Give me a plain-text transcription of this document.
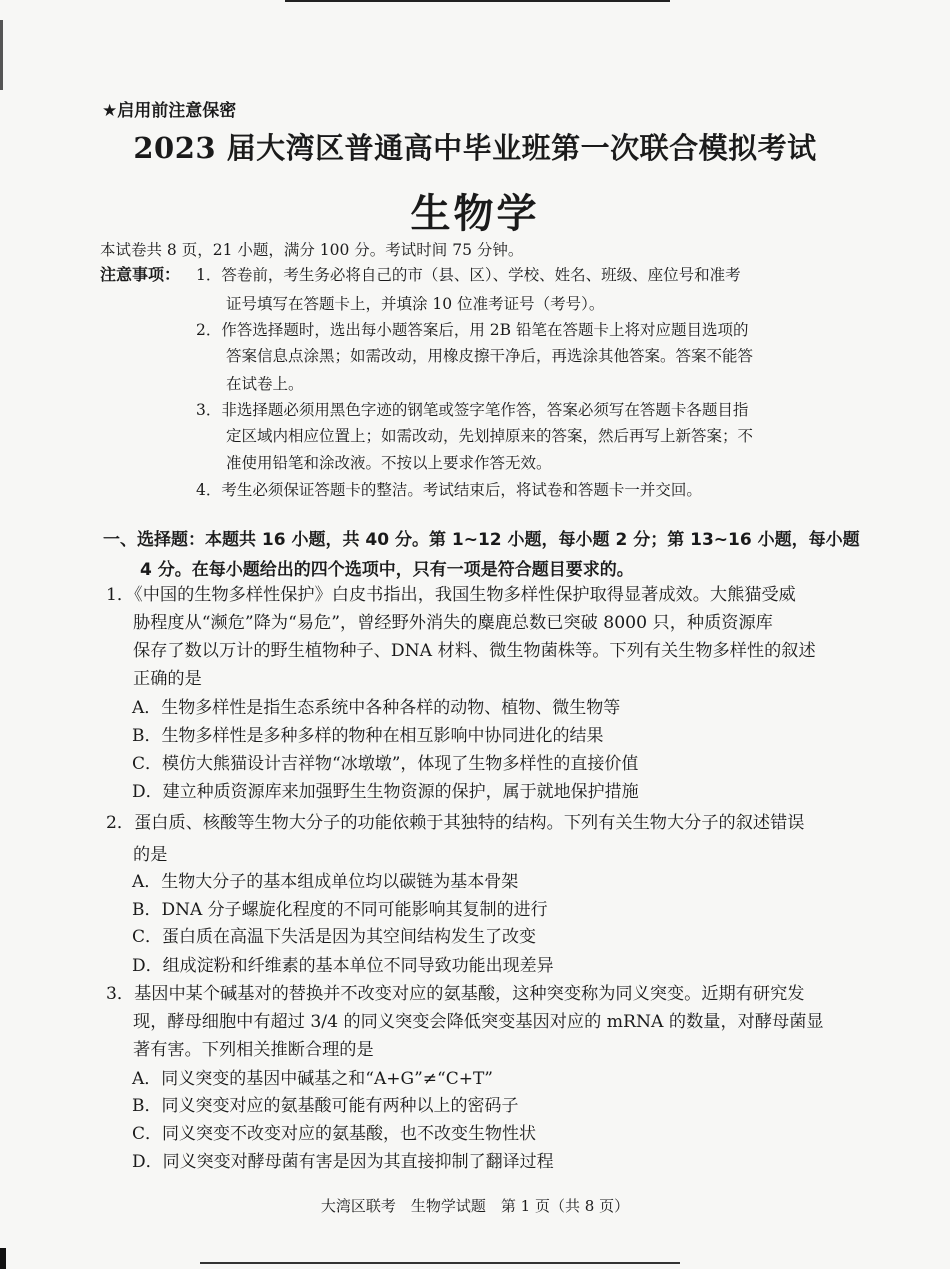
★启用前注意保密
2023 届大湾区普通高中毕业班第一次联合模拟考试
生物学
本试卷共 8 页，21 小题，满分 100 分。考试时间 75 分钟。
注意事项： 1．答卷前，考生务必将自己的市（县、区）、学校、姓名、班级、座位号和准考
证号填写在答题卡上，并填涂 10 位准考证号（考号）。
2．作答选择题时，选出每小题答案后，用 2B 铅笔在答题卡上将对应题目选项的
答案信息点涂黑；如需改动，用橡皮擦干净后，再选涂其他答案。答案不能答
在试卷上。
3．非选择题必须用黑色字迹的钢笔或签字笔作答，答案必须写在答题卡各题目指
定区域内相应位置上；如需改动，先划掉原来的答案，然后再写上新答案；不
准使用铅笔和涂改液。不按以上要求作答无效。
4．考生必须保证答题卡的整洁。考试结束后，将试卷和答题卡一并交回。
一、选择题：本题共 16 小题，共 40 分。第 1~12 小题，每小题 2 分；第 13~16 小题，每小题
4 分。在每小题给出的四个选项中，只有一项是符合题目要求的。
1．《中国的生物多样性保护》白皮书指出，我国生物多样性保护取得显著成效。大熊猫受威
胁程度从“濒危”降为“易危”，曾经野外消失的麋鹿总数已突破 8000 只，种质资源库
保存了数以万计的野生植物种子、DNA 材料、微生物菌株等。下列有关生物多样性的叙述
正确的是
A．生物多样性是指生态系统中各种各样的动物、植物、微生物等
B．生物多样性是多种多样的物种在相互影响中协同进化的结果
C．模仿大熊猫设计吉祥物“冰墩墩”，体现了生物多样性的直接价值
D．建立种质资源库来加强野生生物资源的保护，属于就地保护措施
2．蛋白质、核酸等生物大分子的功能依赖于其独特的结构。下列有关生物大分子的叙述错误
的是
A．生物大分子的基本组成单位均以碳链为基本骨架
B．DNA 分子螺旋化程度的不同可能影响其复制的进行
C．蛋白质在高温下失活是因为其空间结构发生了改变
D．组成淀粉和纤维素的基本单位不同导致功能出现差异
3．基因中某个碱基对的替换并不改变对应的氨基酸，这种突变称为同义突变。近期有研究发
现，酵母细胞中有超过 3/4 的同义突变会降低突变基因对应的 mRNA 的数量，对酵母菌显
著有害。下列相关推断合理的是
A．同义突变的基因中碱基之和“A+G”≠“C+T”
B．同义突变对应的氨基酸可能有两种以上的密码子
C．同义突变不改变对应的氨基酸，也不改变生物性状
D．同义突变对酵母菌有害是因为其直接抑制了翻译过程
大湾区联考　生物学试题　第 1 页（共 8 页）
